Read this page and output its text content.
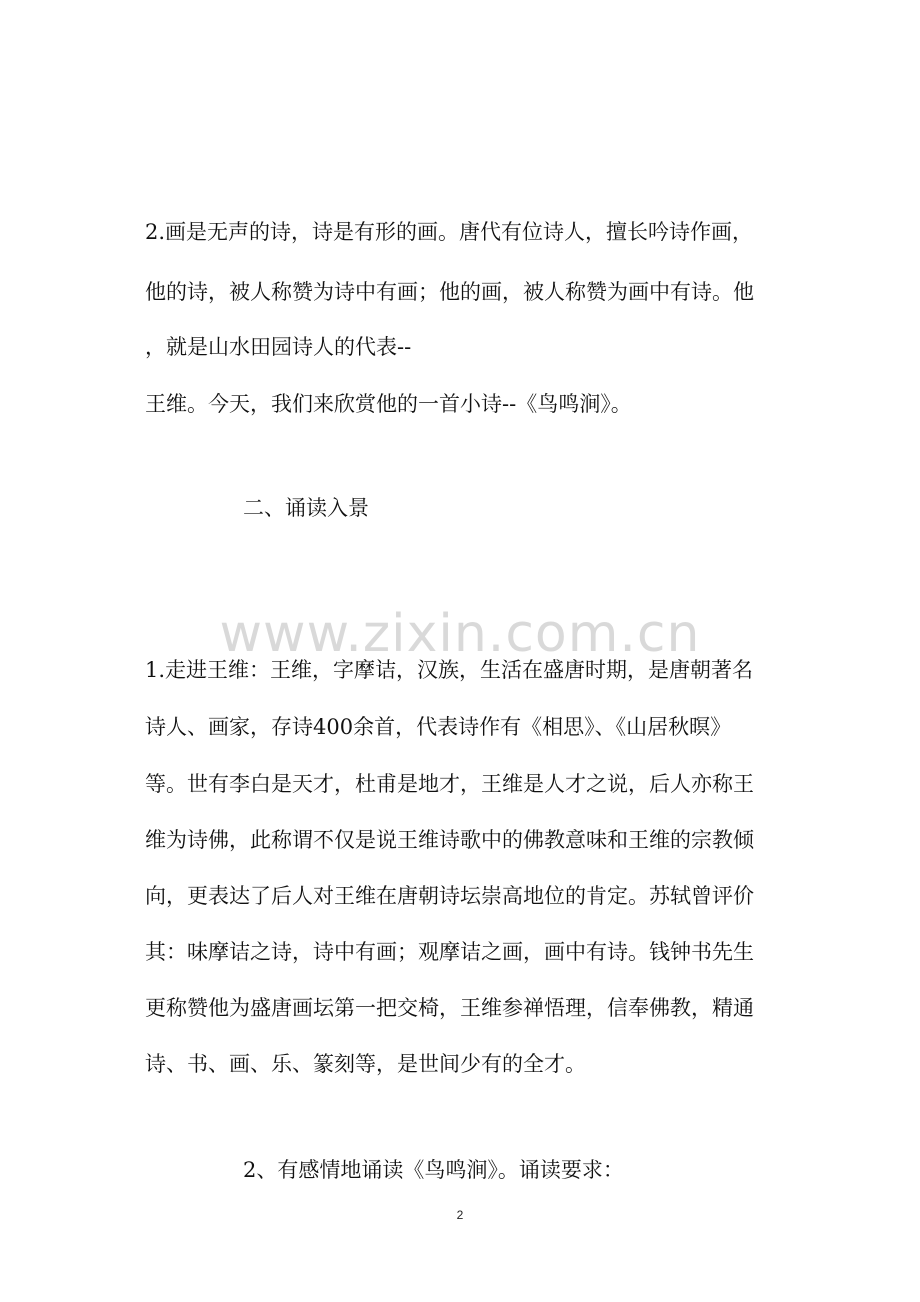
2.画是无声的诗，诗是有形的画。唐代有位诗人，擅长吟诗作画，
他的诗，被人称赞为诗中有画；他的画，被人称赞为画中有诗。他
，就是山水田园诗人的代表--
王维。今天，我们来欣赏他的一首小诗--《鸟鸣涧》。
二、诵读入景
www.zixin.com.cn
1.走进王维：王维，字摩诘，汉族，生活在盛唐时期，是唐朝著名
诗人、画家，存诗400余首，代表诗作有《相思》、《山居秋暝》
等。世有李白是天才，杜甫是地才，王维是人才之说，后人亦称王
维为诗佛，此称谓不仅是说王维诗歌中的佛教意味和王维的宗教倾
向，更表达了后人对王维在唐朝诗坛崇高地位的肯定。苏轼曾评价
其：味摩诘之诗，诗中有画；观摩诘之画，画中有诗。钱钟书先生
更称赞他为盛唐画坛第一把交椅，王维参禅悟理，信奉佛教，精通
诗、书、画、乐、篆刻等，是世间少有的全才。
2、有感情地诵读《鸟鸣涧》。诵读要求：
2
